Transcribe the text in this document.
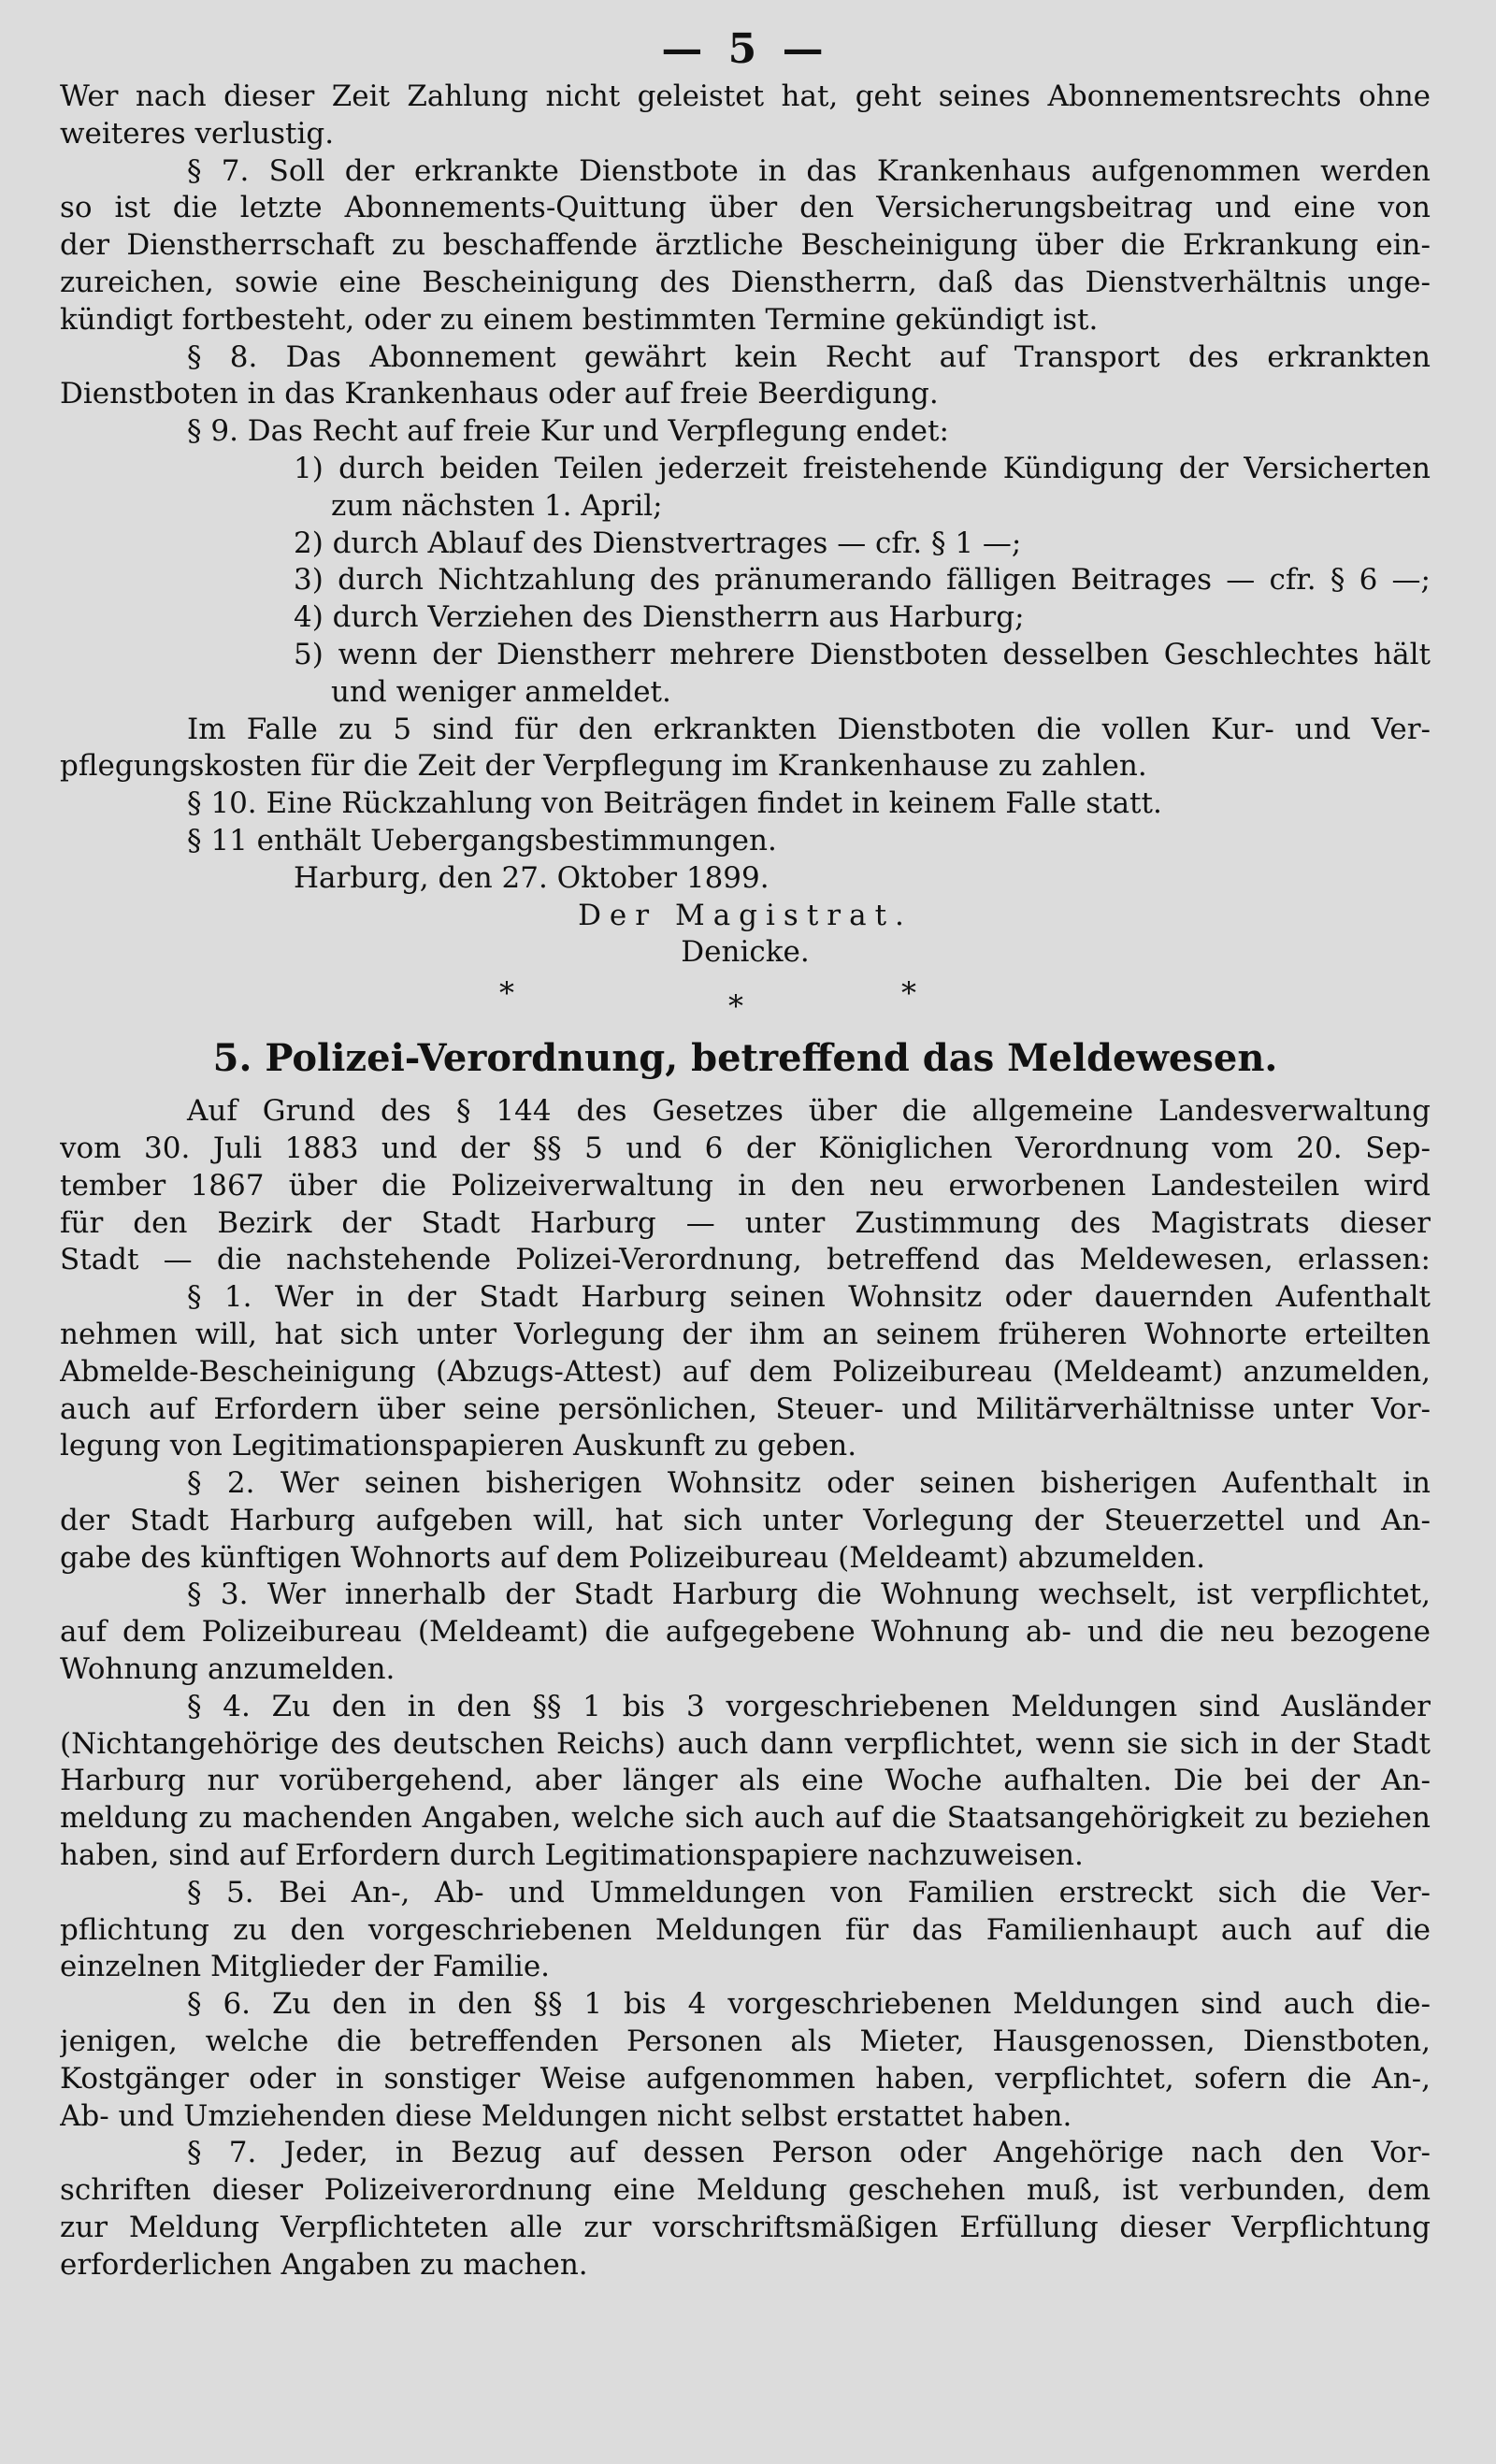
— 5 —
Wer nach dieser Zeit Zahlung nicht geleistet hat, geht seines Abonnementsrechts ohne
weiteres verlustig.
§ 7. Soll der erkrankte Dienstbote in das Krankenhaus aufgenommen werden
so ist die letzte Abonnements-Quittung über den Versicherungsbeitrag und eine von
der Dienstherrschaft zu beschaffende ärztliche Bescheinigung über die Erkrankung ein-
zureichen, sowie eine Bescheinigung des Dienstherrn, daß das Dienstverhältnis unge-
kündigt fortbesteht, oder zu einem bestimmten Termine gekündigt ist.
§ 8. Das Abonnement gewährt kein Recht auf Transport des erkrankten
Dienstboten in das Krankenhaus oder auf freie Beerdigung.
§ 9. Das Recht auf freie Kur und Verpflegung endet:
1) durch beiden Teilen jederzeit freistehende Kündigung der Versicherten
zum nächsten 1. April;
2) durch Ablauf des Dienstvertrages — cfr. § 1 —;
3) durch Nichtzahlung des pränumerando fälligen Beitrages — cfr. § 6 —;
4) durch Verziehen des Dienstherrn aus Harburg;
5) wenn der Dienstherr mehrere Dienstboten desselben Geschlechtes hält
und weniger anmeldet.
Im Falle zu 5 sind für den erkrankten Dienstboten die vollen Kur- und Ver-
pflegungskosten für die Zeit der Verpflegung im Krankenhause zu zahlen.
§ 10. Eine Rückzahlung von Beiträgen findet in keinem Falle statt.
§ 11 enthält Uebergangsbestimmungen.
Harburg, den 27. Oktober 1899.
Der Magistrat.
Denicke.
*	*	*
5. Polizei-Verordnung, betreffend das Meldewesen.
Auf Grund des § 144 des Gesetzes über die allgemeine Landesverwaltung
vom 30. Juli 1883 und der §§ 5 und 6 der Königlichen Verordnung vom 20. Sep-
tember 1867 über die Polizeiverwaltung in den neu erworbenen Landesteilen wird
für den Bezirk der Stadt Harburg — unter Zustimmung des Magistrats dieser
Stadt — die nachstehende Polizei-Verordnung, betreffend das Meldewesen, erlassen:
§ 1. Wer in der Stadt Harburg seinen Wohnsitz oder dauernden Aufenthalt
nehmen will, hat sich unter Vorlegung der ihm an seinem früheren Wohnorte erteilten
Abmelde-Bescheinigung (Abzugs-Attest) auf dem Polizeibureau (Meldeamt) anzumelden,
auch auf Erfordern über seine persönlichen, Steuer- und Militärverhältnisse unter Vor-
legung von Legitimationspapieren Auskunft zu geben.
§ 2. Wer seinen bisherigen Wohnsitz oder seinen bisherigen Aufenthalt in
der Stadt Harburg aufgeben will, hat sich unter Vorlegung der Steuerzettel und An-
gabe des künftigen Wohnorts auf dem Polizeibureau (Meldeamt) abzumelden.
§ 3. Wer innerhalb der Stadt Harburg die Wohnung wechselt, ist verpflichtet,
auf dem Polizeibureau (Meldeamt) die aufgegebene Wohnung ab- und die neu bezogene
Wohnung anzumelden.
§ 4. Zu den in den §§ 1 bis 3 vorgeschriebenen Meldungen sind Ausländer
(Nichtangehörige des deutschen Reichs) auch dann verpflichtet, wenn sie sich in der Stadt
Harburg nur vorübergehend, aber länger als eine Woche aufhalten. Die bei der An-
meldung zu machenden Angaben, welche sich auch auf die Staatsangehörigkeit zu beziehen
haben, sind auf Erfordern durch Legitimationspapiere nachzuweisen.
§ 5. Bei An-, Ab- und Ummeldungen von Familien erstreckt sich die Ver-
pflichtung zu den vorgeschriebenen Meldungen für das Familienhaupt auch auf die
einzelnen Mitglieder der Familie.
§ 6. Zu den in den §§ 1 bis 4 vorgeschriebenen Meldungen sind auch die-
jenigen, welche die betreffenden Personen als Mieter, Hausgenossen, Dienstboten,
Kostgänger oder in sonstiger Weise aufgenommen haben, verpflichtet, sofern die An-,
Ab- und Umziehenden diese Meldungen nicht selbst erstattet haben.
§ 7. Jeder, in Bezug auf dessen Person oder Angehörige nach den Vor-
schriften dieser Polizeiverordnung eine Meldung geschehen muß, ist verbunden, dem
zur Meldung Verpflichteten alle zur vorschriftsmäßigen Erfüllung dieser Verpflichtung
erforderlichen Angaben zu machen.
